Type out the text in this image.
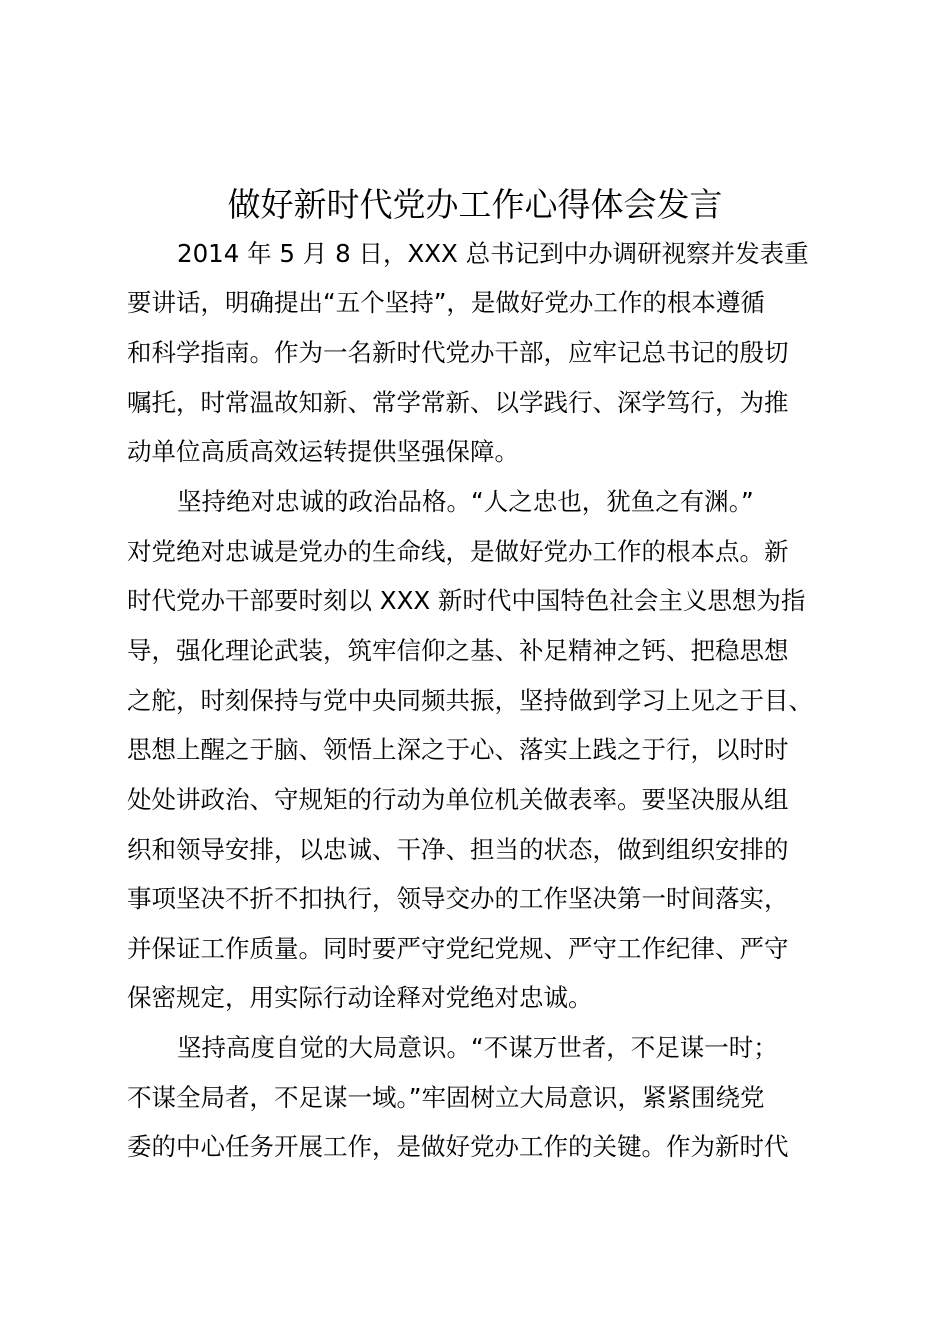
做好新时代党办工作心得体会发言

2014 年 5 月 8 日，XXX 总书记到中办调研视察并发表重

要讲话，明确提出“五个坚持”，是做好党办工作的根本遵循

和科学指南。作为一名新时代党办干部，应牢记总书记的殷切

嘱托，时常温故知新、常学常新、以学践行、深学笃行，为推

动单位高质高效运转提供坚强保障。

坚持绝对忠诚的政治品格。“人之忠也，犹鱼之有渊。”

对党绝对忠诚是党办的生命线，是做好党办工作的根本点。新

时代党办干部要时刻以 XXX 新时代中国特色社会主义思想为指

导，强化理论武装，筑牢信仰之基、补足精神之钙、把稳思想

之舵，时刻保持与党中央同频共振，坚持做到学习上见之于目、

思想上醒之于脑、领悟上深之于心、落实上践之于行，以时时

处处讲政治、守规矩的行动为单位机关做表率。要坚决服从组

织和领导安排，以忠诚、干净、担当的状态，做到组织安排的

事项坚决不折不扣执行，领导交办的工作坚决第一时间落实，

并保证工作质量。同时要严守党纪党规、严守工作纪律、严守

保密规定，用实际行动诠释对党绝对忠诚。

坚持高度自觉的大局意识。“不谋万世者，不足谋一时；

不谋全局者，不足谋一域。”牢固树立大局意识，紧紧围绕党

委的中心任务开展工作，是做好党办工作的关键。作为新时代
